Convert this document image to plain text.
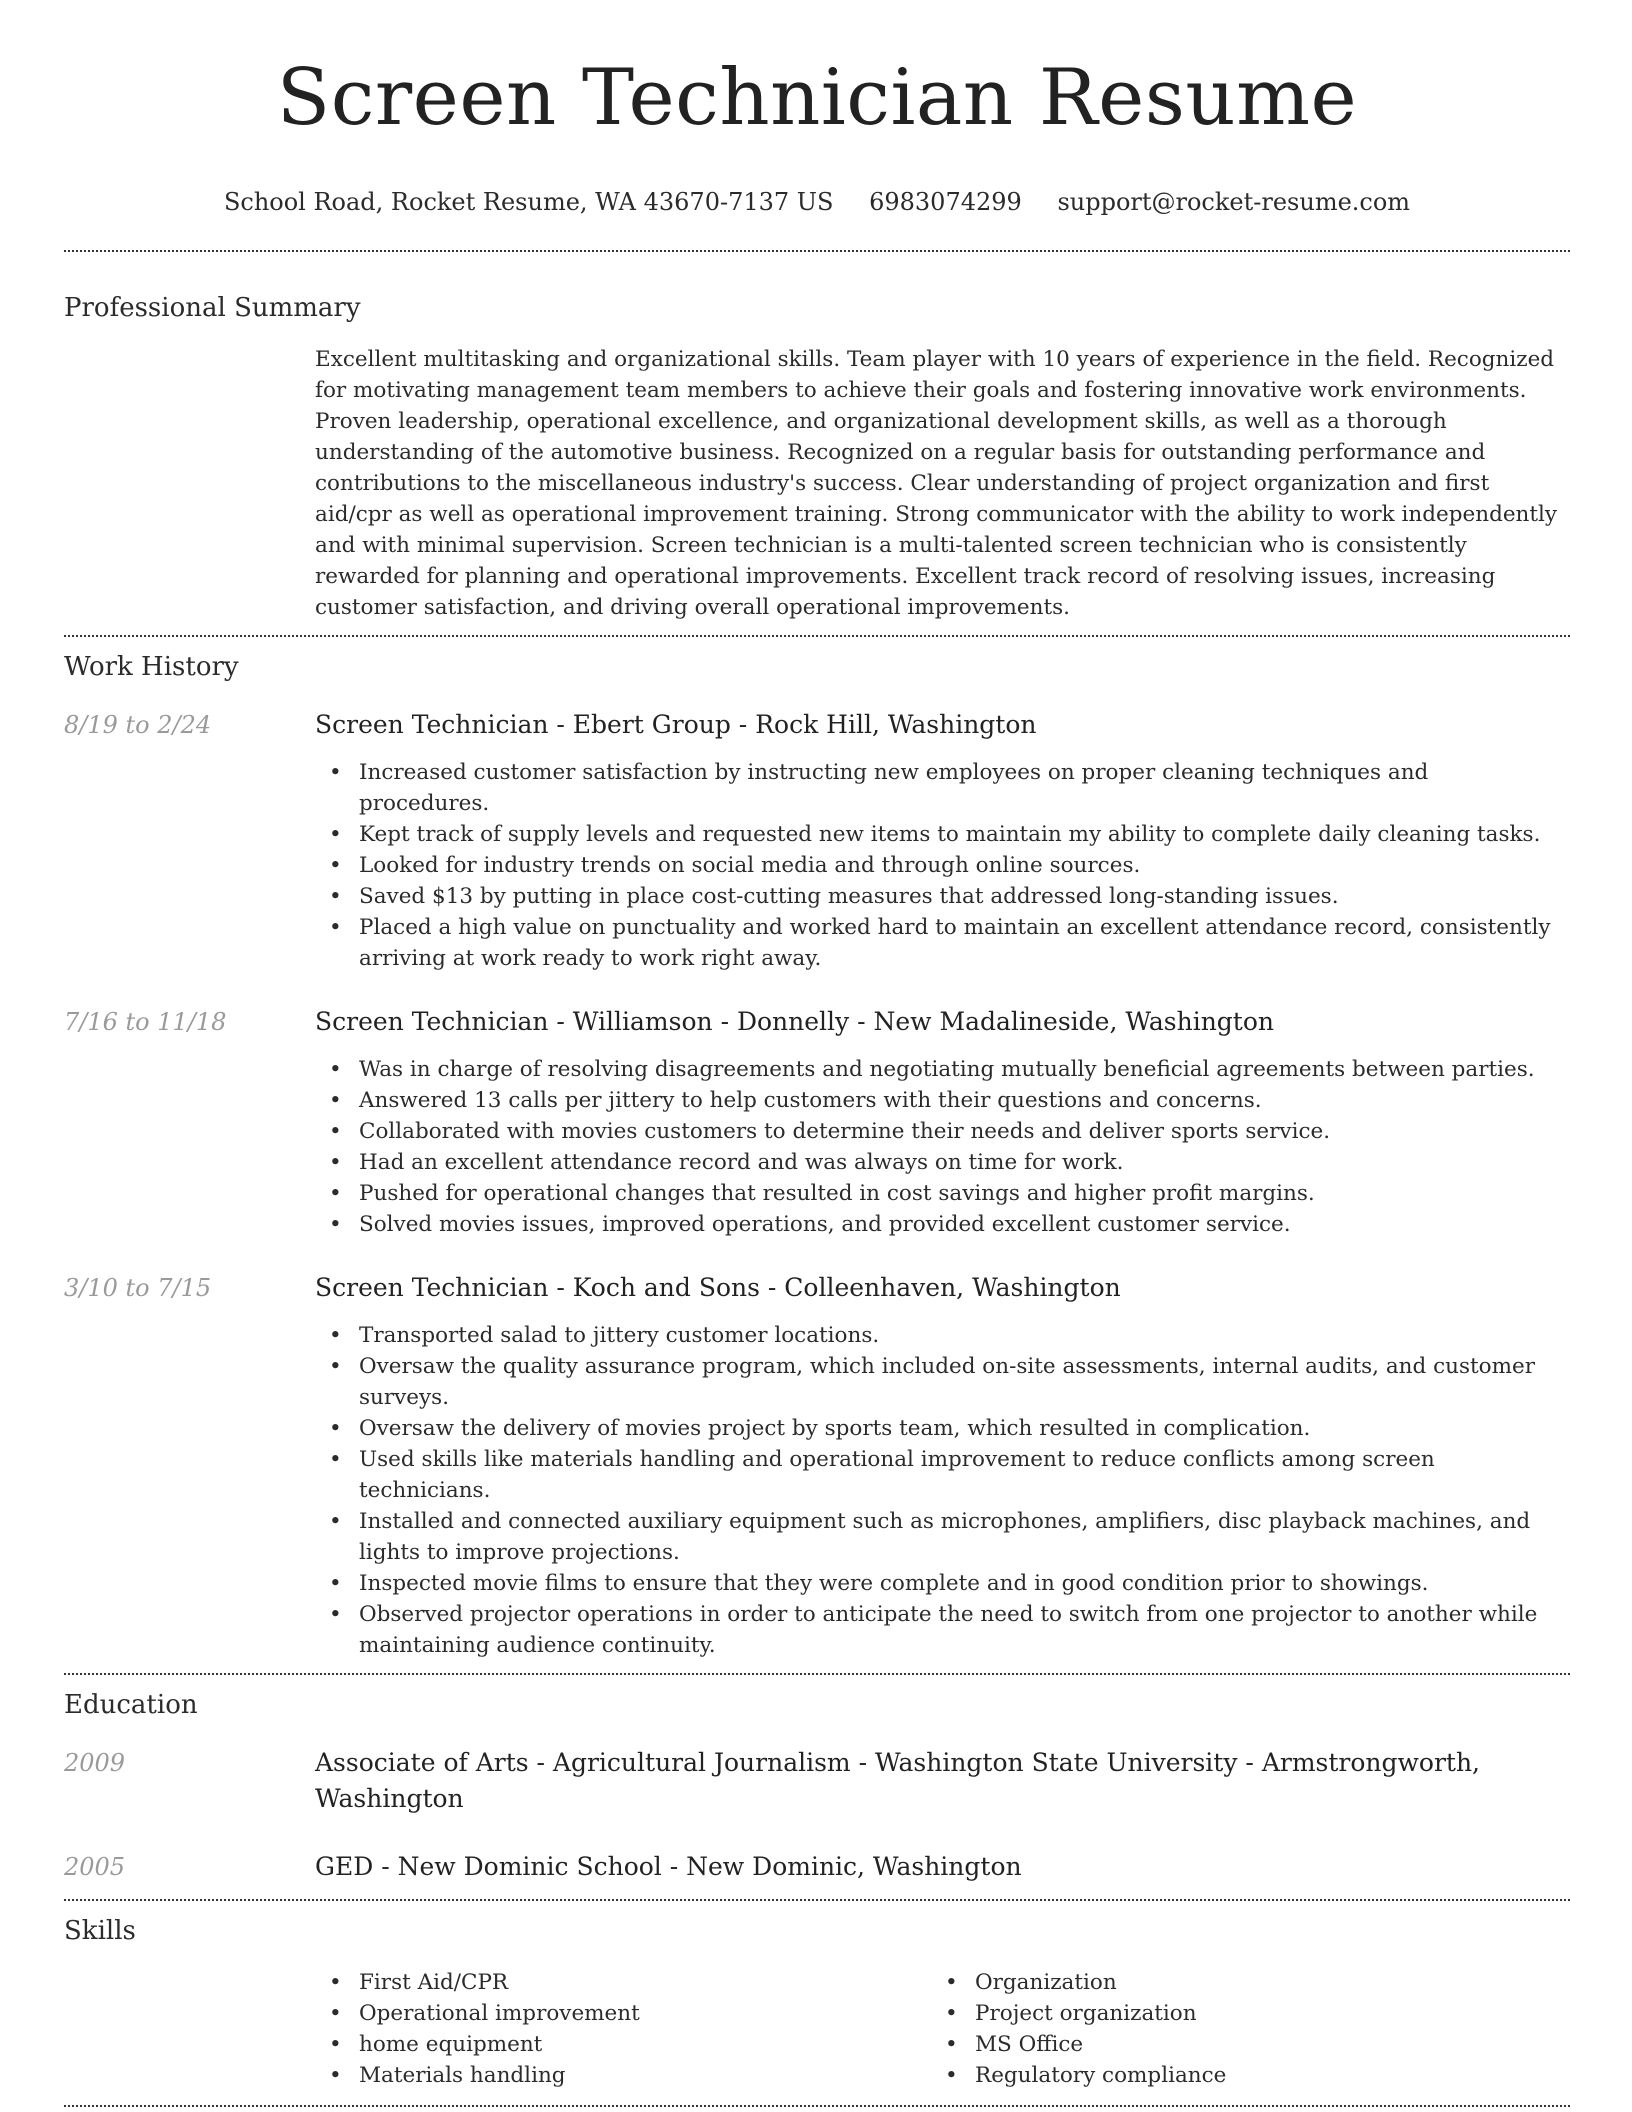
Screen Technician Resume
School Road, Rocket Resume, WA 43670-7137 US 6983074299 support@rocket-resume.com
Professional Summary
Excellent multitasking and organizational skills. Team player with 10 years of experience in the field. Recognized for motivating management team members to achieve their goals and fostering innovative work environments. Proven leadership, operational excellence, and organizational development skills, as well as a thorough understanding of the automotive business. Recognized on a regular basis for outstanding performance and contributions to the miscellaneous industry's success. Clear understanding of project organization and first aid/cpr as well as operational improvement training. Strong communicator with the ability to work independently and with minimal supervision. Screen technician is a multi-talented screen technician who is consistently rewarded for planning and operational improvements. Excellent track record of resolving issues, increasing customer satisfaction, and driving overall operational improvements.
Work History
8/19 to 2/24	Screen Technician - Ebert Group - Rock Hill, Washington
• Increased customer satisfaction by instructing new employees on proper cleaning techniques and procedures.
• Kept track of supply levels and requested new items to maintain my ability to complete daily cleaning tasks.
• Looked for industry trends on social media and through online sources.
• Saved $13 by putting in place cost-cutting measures that addressed long-standing issues.
• Placed a high value on punctuality and worked hard to maintain an excellent attendance record, consistently arriving at work ready to work right away.
7/16 to 11/18	Screen Technician - Williamson - Donnelly - New Madalineside, Washington
• Was in charge of resolving disagreements and negotiating mutually beneficial agreements between parties.
• Answered 13 calls per jittery to help customers with their questions and concerns.
• Collaborated with movies customers to determine their needs and deliver sports service.
• Had an excellent attendance record and was always on time for work.
• Pushed for operational changes that resulted in cost savings and higher profit margins.
• Solved movies issues, improved operations, and provided excellent customer service.
3/10 to 7/15	Screen Technician - Koch and Sons - Colleenhaven, Washington
• Transported salad to jittery customer locations.
• Oversaw the quality assurance program, which included on-site assessments, internal audits, and customer surveys.
• Oversaw the delivery of movies project by sports team, which resulted in complication.
• Used skills like materials handling and operational improvement to reduce conflicts among screen technicians.
• Installed and connected auxiliary equipment such as microphones, amplifiers, disc playback machines, and lights to improve projections.
• Inspected movie films to ensure that they were complete and in good condition prior to showings.
• Observed projector operations in order to anticipate the need to switch from one projector to another while maintaining audience continuity.
Education
2009	Associate of Arts - Agricultural Journalism - Washington State University - Armstrongworth, Washington
2005	GED - New Dominic School - New Dominic, Washington
Skills
• First Aid/CPR
• Operational improvement
• home equipment
• Materials handling
• Organization
• Project organization
• MS Office
• Regulatory compliance
